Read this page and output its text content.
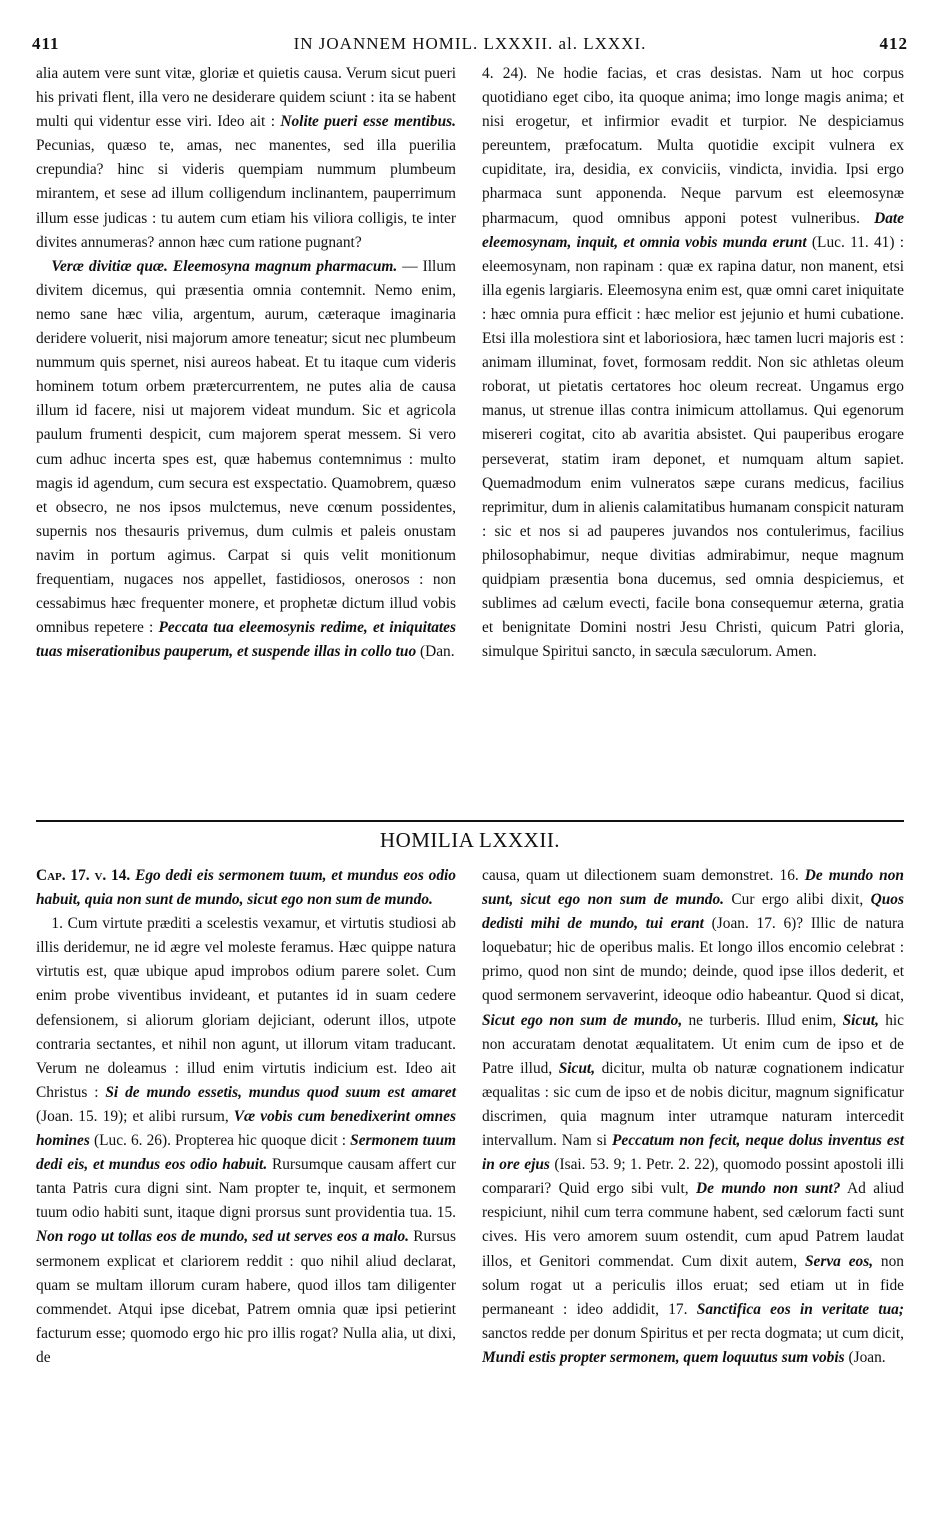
411	IN JOANNEM HOMIL. LXXXII. al. LXXXI.	412

alia autem vere sunt vitæ, gloriæ et quietis causa. Verum sicut pueri his privati flent, illa vero ne desiderare quidem sciunt : ita se habent multi qui videntur esse viri. Ideo ait : Nolite pueri esse mentibus. Pecunias, quæso te, amas, nec manentes, sed illa puerilia crepundia? hinc si videris quempiam nummum plumbeum mirantem, et sese ad illum colligendum inclinantem, pauperrimum illum esse judicas : tu autem cum etiam his viliora colligis, te inter divites annumeras? annon hæc cum ratione pugnant?

 Veræ divitiæ quæ. Eleemosyna magnum pharmacum. — Illum divitem dicemus, qui præsentia omnia contemnit. Nemo enim, nemo sane hæc vilia, argentum, aurum, cæteraque imaginaria deridere voluerit, nisi majorum amore teneatur; sicut nec plumbeum nummum quis spernet, nisi aureos habeat. Et tu itaque cum videris hominem totum orbem prætercurrentem, ne putes alia de causa illum id facere, nisi ut majorem videat mundum. Sic et agricola paulum frumenti despicit, cum majorem sperat messem. Si vero cum adhuc incerta spes est, quæ habemus contemnimus : multo magis id agendum, cum secura est exspectatio. Quamobrem, quæso et obsecro, ne nos ipsos mulctemus, neve cœnum possidentes, supernis nos thesauris privemus, dum culmis et paleis onustam navim in portum agimus. Carpat si quis velit monitionum frequentiam, nugaces nos appellet, fastidiosos, onerosos : non cessabimus hæc frequenter monere, et prophetæ dictum illud vobis omnibus repetere : Peccata tua eleemosynis redime, et iniquitates tuas miserationibus pauperum, et suspende illas in collo tuo (Dan.

4. 24). Ne hodie facias, et cras desistas. Nam ut hoc corpus quotidiano eget cibo, ita quoque anima; imo longe magis anima; et nisi erogetur, et infirmior evadit et turpior. Ne despiciamus pereuntem, præfocatum. Multa quotidie excipit vulnera ex cupiditate, ira, desidia, ex conviciis, vindicta, invidia. Ipsi ergo pharmaca sunt apponenda. Neque parvum est eleemosynæ pharmacum, quod omnibus apponi potest vulneribus. Date eleemosynam, inquit, et omnia vobis munda erunt (Luc. 11. 41) : eleemosynam, non rapinam : quæ ex rapina datur, non manent, etsi illa egenis largiaris. Eleemosyna enim est, quæ omni caret iniquitate : hæc omnia pura efficit : hæc melior est jejunio et humi cubatione. Etsi illa molestiora sint et laboriosiora, hæc tamen lucri majoris est : animam illuminat, fovet, formosam reddit. Non sic athletas oleum roborat, ut pietatis certatores hoc oleum recreat. Ungamus ergo manus, ut strenue illas contra inimicum attollamus. Qui egenorum misereri cogitat, cito ab avaritia absistet. Qui pauperibus erogare perseverat, statim iram deponet, et numquam altum sapiet. Quemadmodum enim vulneratos sæpe curans medicus, facilius reprimitur, dum in alienis calamitatibus humanam conspicit naturam : sic et nos si ad pauperes juvandos nos contulerimus, facilius philosophabimur, neque divitias admirabimur, neque magnum quidpiam præsentia bona ducemus, sed omnia despiciemus, et sublimes ad cælum evecti, facile bona consequemur æterna, gratia et benignitate Domini nostri Jesu Christi, quicum Patri gloria, simulque Spiritui sancto, in sæcula sæculorum. Amen.

HOMILIA LXXXII.

Cap. 17. v. 14. Ego dedi eis sermonem tuum, et mundus eos odio habuit, quia non sunt de mundo, sicut ego non sum de mundo.

 1. Cum virtute præditi a scelestis vexamur, et virtutis studiosi ab illis deridemur, ne id ægre vel moleste feramus. Hæc quippe natura virtutis est, quæ ubique apud improbos odium parere solet. Cum enim probe viventibus invideant, et putantes id in suam cedere defensionem, si aliorum gloriam dejiciant, oderunt illos, utpote contraria sectantes, et nihil non agunt, ut illorum vitam traducant. Verum ne doleamus : illud enim virtutis indicium est. Ideo ait Christus : Si de mundo essetis, mundus quod suum est amaret (Joan. 15. 19); et alibi rursum, Væ vobis cum benedixerint omnes homines (Luc. 6. 26). Propterea hic quoque dicit : Sermonem tuum dedi eis, et mundus eos odio habuit. Rursumque causam affert cur tanta Patris cura digni sint. Nam propter te, inquit, et sermonem tuum odio habiti sunt, itaque digni prorsus sunt providentia tua. 15. Non rogo ut tollas eos de mundo, sed ut serves eos a malo. Rursus sermonem explicat et clariorem reddit : quo nihil aliud declarat, quam se multam illorum curam habere, quod illos tam diligenter commendet. Atqui ipse dicebat, Patrem omnia quæ ipsi petierint facturum esse; quomodo ergo hic pro illis rogat? Nulla alia, ut dixi, de

causa, quam ut dilectionem suam demonstret. 16. De mundo non sunt, sicut ego non sum de mundo. Cur ergo alibi dixit, Quos dedisti mihi de mundo, tui erant (Joan. 17. 6)? Illic de natura loquebatur; hic de operibus malis. Et longo illos encomio celebrat : primo, quod non sint de mundo; deinde, quod ipse illos dederit, et quod sermonem servaverint, ideoque odio habeantur. Quod si dicat, Sicut ego non sum de mundo, ne turberis. Illud enim, Sicut, hic non accuratam denotat æqualitatem. Ut enim cum de ipso et de Patre illud, Sicut, dicitur, multa ob naturæ cognationem indicatur æqualitas : sic cum de ipso et de nobis dicitur, magnum significatur discrimen, quia magnum inter utramque naturam intercedit intervallum. Nam si Peccatum non fecit, neque dolus inventus est in ore ejus (Isai. 53. 9; 1. Petr. 2. 22), quomodo possint apostoli illi comparari? Quid ergo sibi vult, De mundo non sunt? Ad aliud respiciunt, nihil cum terra commune habent, sed cælorum facti sunt cives. His vero amorem suum ostendit, cum apud Patrem laudat illos, et Genitori commendat. Cum dixit autem, Serva eos, non solum rogat ut a periculis illos eruat; sed etiam ut in fide permaneant : ideo addidit, 17. Sanctifica eos in veritate tua; sanctos redde per donum Spiritus et per recta dogmata; ut cum dicit, Mundi estis propter sermonem, quem loquutus sum vobis (Joan.
